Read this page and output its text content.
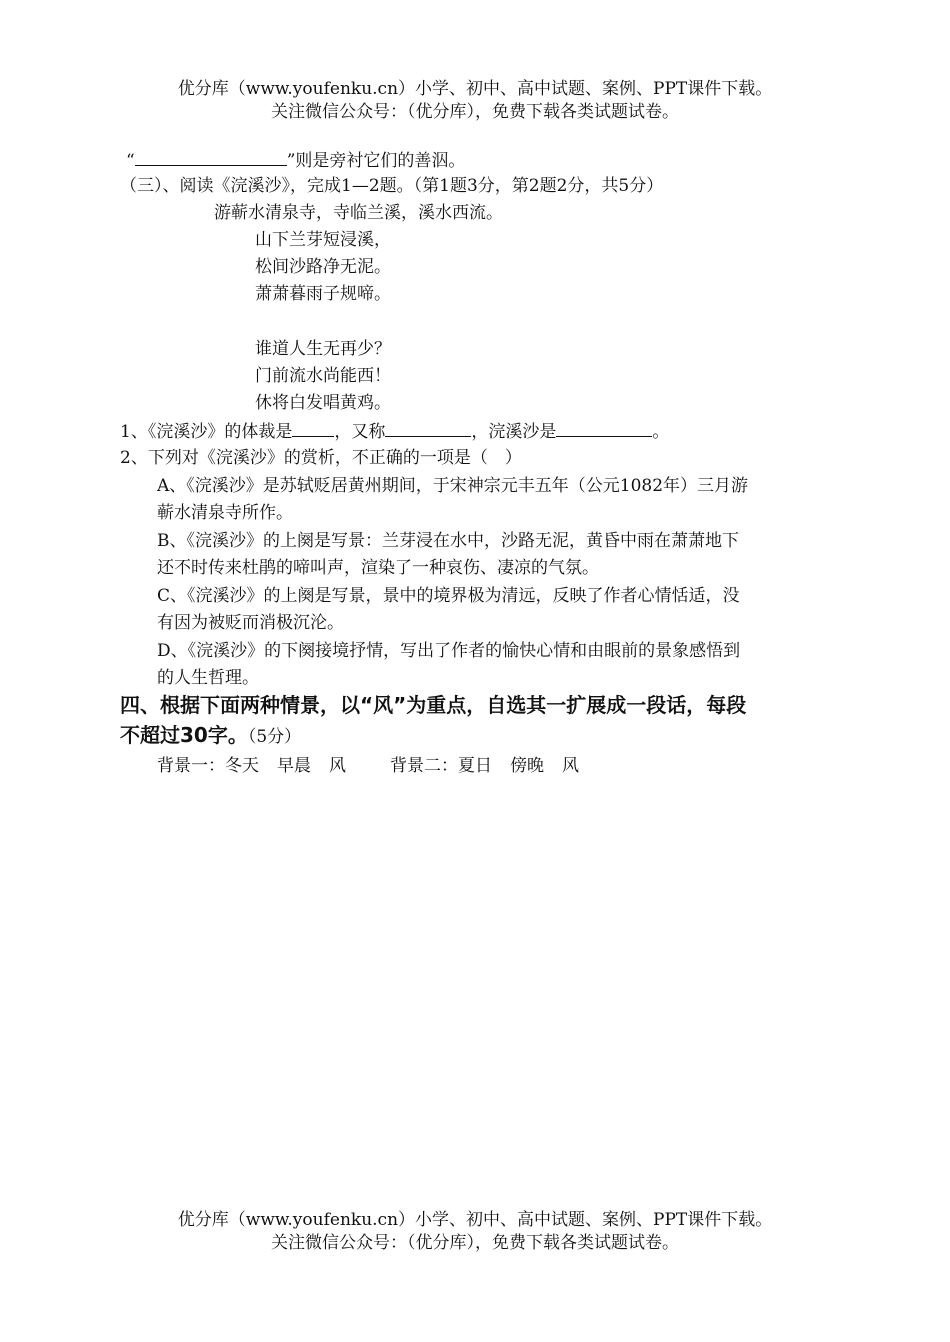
优分库（www.youfenku.cn）小学、初中、高中试题、案例、PPT课件下载。
关注微信公众号：（优分库），免费下载各类试题试卷。
“	”则是旁衬它们的善泅。
（三）、阅读《浣溪沙》，完成1—2题。（第1题3分，第2题2分，共5分）
游蕲水清泉寺，寺临兰溪，溪水西流。
山下兰芽短浸溪，
松间沙路净无泥。
萧萧暮雨子规啼。
谁道人生无再少？
门前流水尚能西！
休将白发唱黄鸡。
1、《浣溪沙》的体裁是 ，又称	，浣溪沙是	。
2、下列对《浣溪沙》的赏析，不正确的一项是（　）
A、《浣溪沙》是苏轼贬居黄州期间，于宋神宗元丰五年（公元1082年）三月游
蕲水清泉寺所作。
B、《浣溪沙》的上阕是写景：兰芽浸在水中，沙路无泥，黄昏中雨在萧萧地下
还不时传来杜鹃的啼叫声，渲染了一种哀伤、凄凉的气氛。
C、《浣溪沙》的上阕是写景，景中的境界极为清远，反映了作者心情恬适，没
有因为被贬而消极沉沦。
D、《浣溪沙》的下阕接境抒情，写出了作者的愉快心情和由眼前的景象感悟到
的人生哲理。
四、根据下面两种情景，以“风”为重点，自选其一扩展成一段话，每段
不超过30字。（5分）
背景一：冬天 早晨 风	背景二：夏日 傍晚 风
优分库（www.youfenku.cn）小学、初中、高中试题、案例、PPT课件下载。
关注微信公众号：（优分库），免费下载各类试题试卷。
